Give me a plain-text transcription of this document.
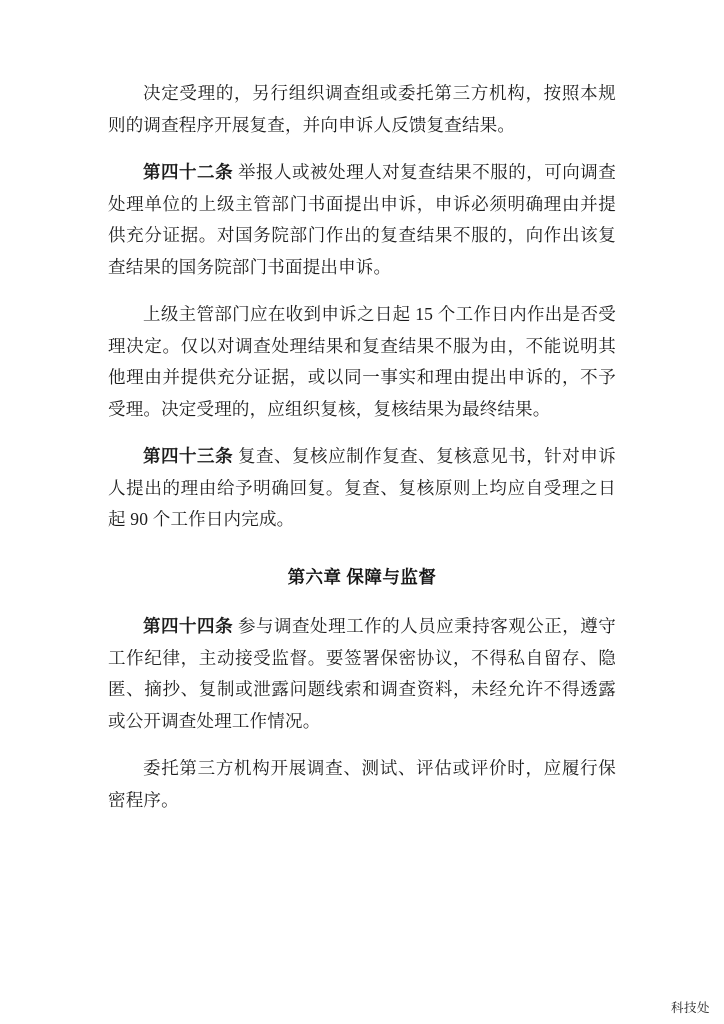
决定受理的，另行组织调查组或委托第三方机构，按照本规则的调查程序开展复查，并向申诉人反馈复查结果。

第四十二条 举报人或被处理人对复查结果不服的，可向调查处理单位的上级主管部门书面提出申诉，申诉必须明确理由并提供充分证据。对国务院部门作出的复查结果不服的，向作出该复查结果的国务院部门书面提出申诉。

上级主管部门应在收到申诉之日起 15 个工作日内作出是否受理决定。仅以对调查处理结果和复查结果不服为由，不能说明其他理由并提供充分证据，或以同一事实和理由提出申诉的，不予受理。决定受理的，应组织复核，复核结果为最终结果。

第四十三条 复查、复核应制作复查、复核意见书，针对申诉人提出的理由给予明确回复。复查、复核原则上均应自受理之日起 90 个工作日内完成。

第六章 保障与监督

第四十四条 参与调查处理工作的人员应秉持客观公正，遵守工作纪律，主动接受监督。要签署保密协议，不得私自留存、隐匿、摘抄、复制或泄露问题线索和调查资料，未经允许不得透露或公开调查处理工作情况。

委托第三方机构开展调查、测试、评估或评价时，应履行保密程序。

科技处
